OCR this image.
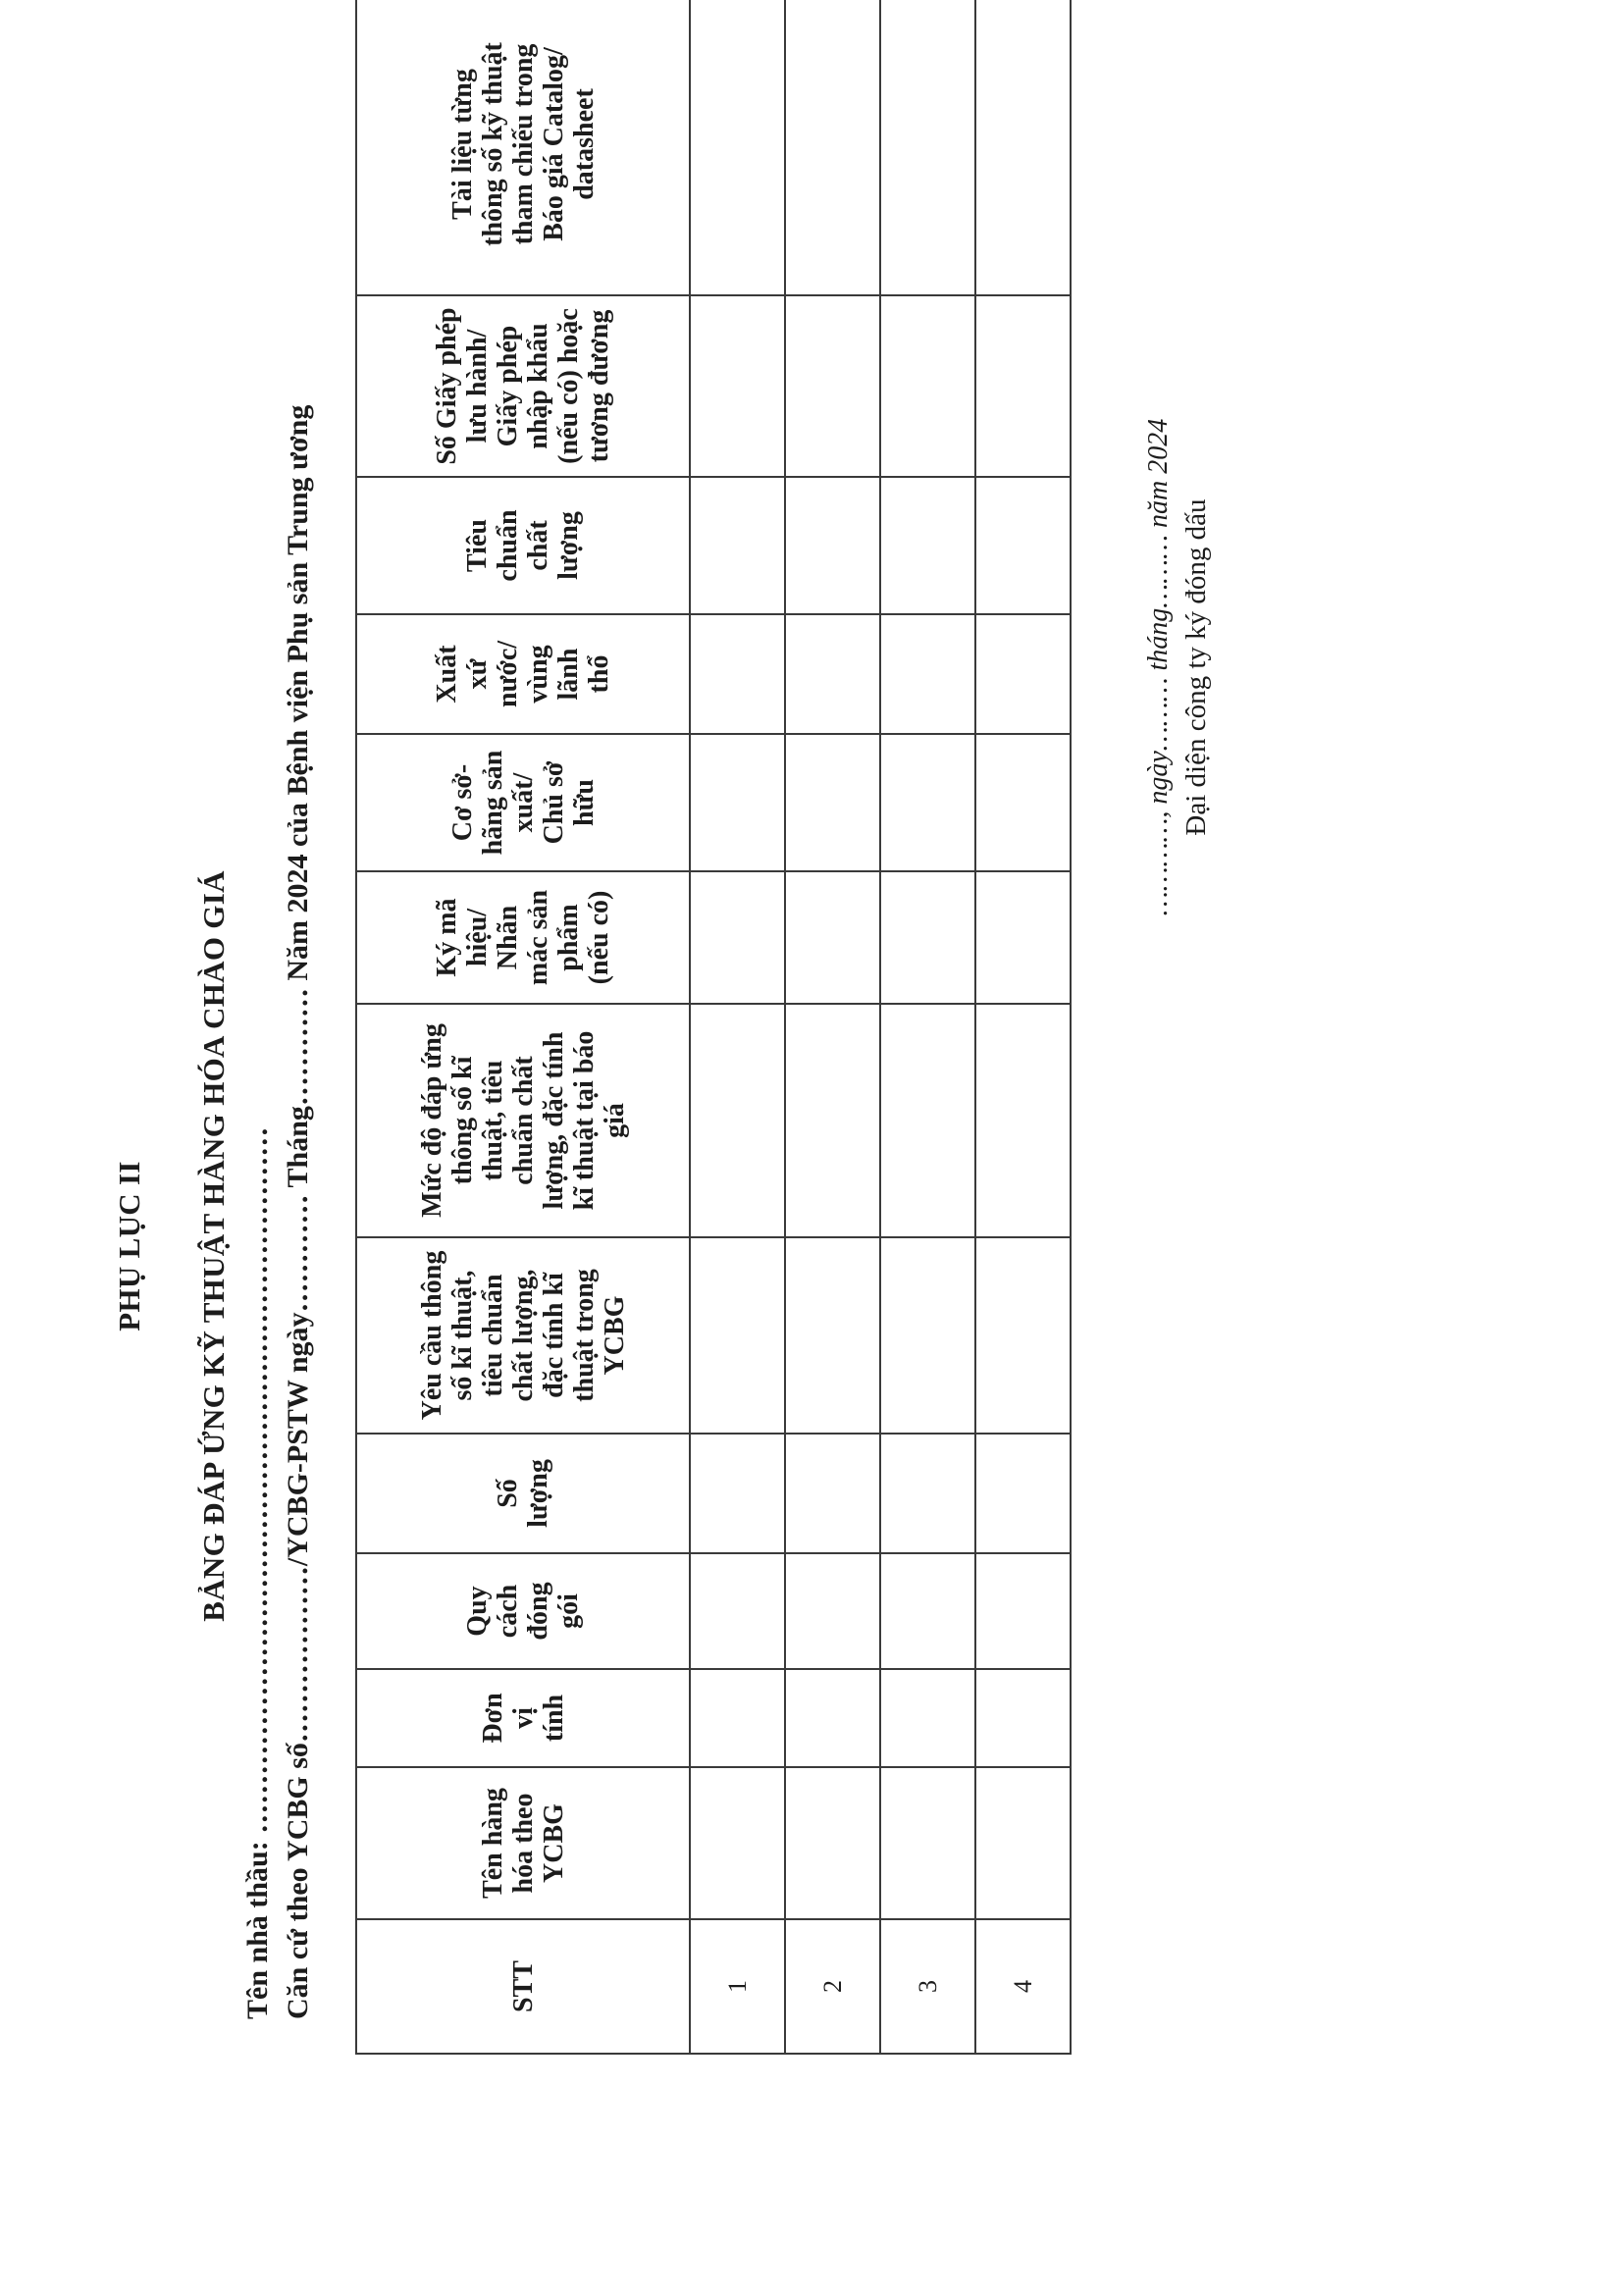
PHỤ LỤC II BẢNG ĐÁP ỨNG KỸ THUẬT HÀNG HÓA CHÀO GIÁ Tên nhà thầu: ……………………………………………………………… Căn cứ theo YCBG số………………/YCBG-PSTW ngày………… Tháng………… Năm 2024 của Bệnh viện Phụ sản Trung ương	STT	Tên hàng hóa theo YCBG	Đơn vị tính	Quy cách đóng gói	Số lượng	Yêu cầu thông số kĩ thuật, tiêu chuẩn chất lượng, đặc tính kĩ thuật trong YCBG	Mức độ đáp ứng thông số kĩ thuật, tiêu chuẩn chất lượng, đặc tính kĩ thuật tại báo giá	Ký mã hiệu/ Nhãn mác sản phẩm (nếu có)	Cơ sở- hãng sản xuất/ Chủ sở hữu	Xuất xứ nước/ vùng lãnh thổ	Tiêu chuẩn chất lượng	Số Giấy phép lưu hành/ Giấy phép nhập khẩu (nếu có) hoặc tương đương	Tài liệu từng thông số kỹ thuật tham chiếu trong Báo giá Catalog/ datasheet

1												
2												
3												
4												
…………, ngày……… tháng……… năm 2024 Đại diện công ty ký đóng dấu
